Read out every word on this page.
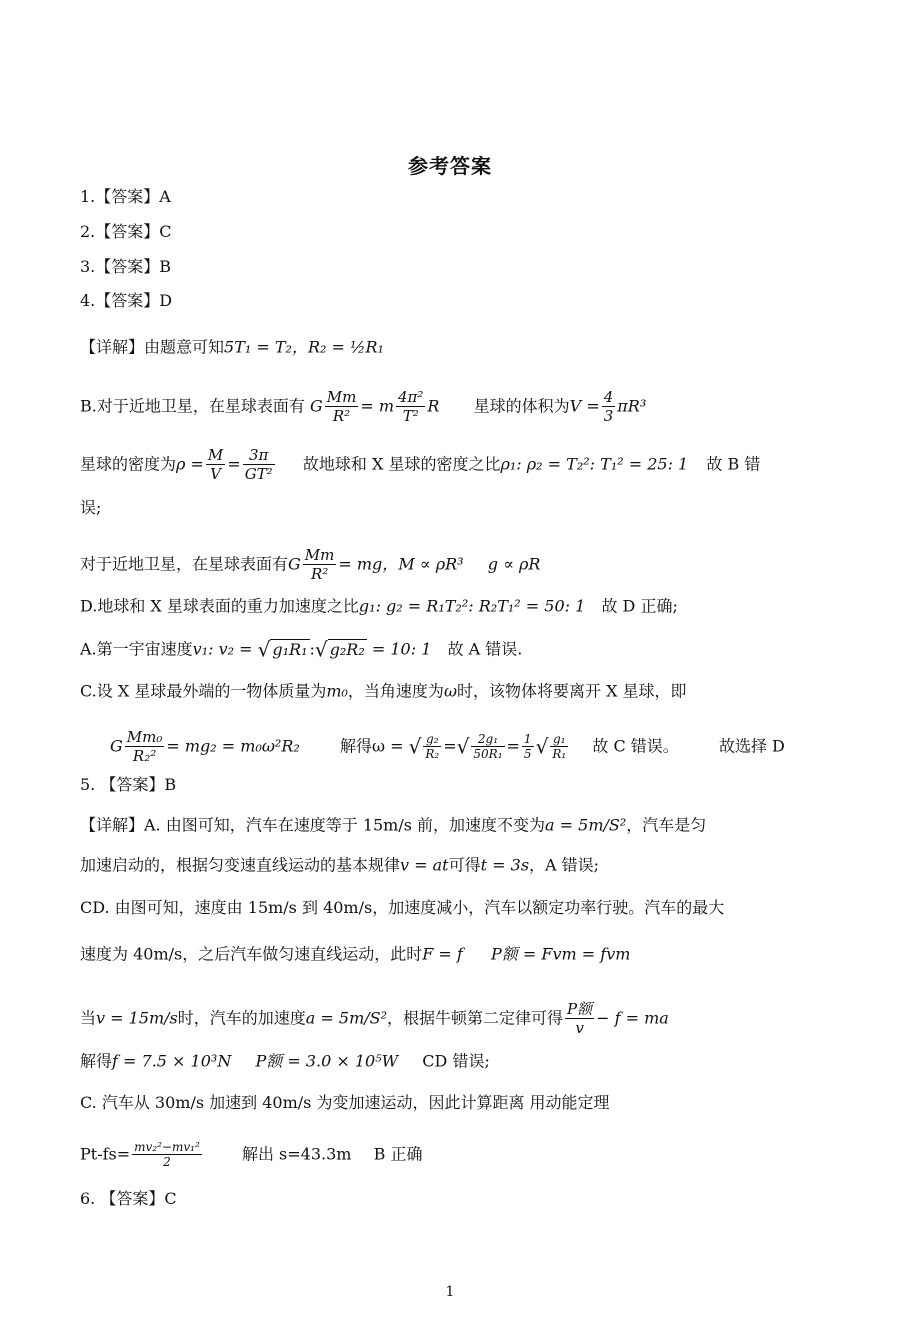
参考答案
1.【答案】A
2.【答案】C
3.【答案】B
4.【答案】D
【详解】由题意可知5T₁ = T₂，R₂ = ½R₁
B.对于近地卫星，在星球表面有 G $\frac{Mm}{\text{R²}} = m \frac{\text{4π²}}{\text{T²}}$ R 星球的体积为$V = \frac{4}{3} \pi R^3$
星球的密度为$\rho = \frac{M}{V} = \frac{3\pi}{\text{GT²}}$ 故地球和 X 星球的密度之比ρ₁: ρ₂ = T₂²: T₁² = 25: 1 故 B 错
误;
对于近地卫星，在星球表面有G $\frac{Mm}{\text{R²}}$ = mg，M ∝ ρR³ g ∝ ρR
D.地球和 X 星球表面的重力加速度之比g₁: g₂ = R₁T₂²: R₂T₁² = 50: 1 故 D 正确;
A.第一宇宙速度v₁: v₂ = √ g₁R₁ :√ g₂R₂ = 10: 1 故 A 错误.
C.设 X 星球最外端的一物体质量为m₀，当角速度为ω时，该物体将要离开 X 星球，即
G $\frac{\text{Mm₀}}{\text{R₂²}} = mg_2 = m_0\omega^2R_2$	解得ω = √ $\frac{\text{g₂}}{\text{R₂}}$ =√ $\frac{\text{2g₁}}{\text{50R₁}} = \frac{1}{5}$ √ $\frac{\text{g₁}}{\text{R₁}}$ 故 C 错误。	故选择 D
5. 【答案】B
【详解】A. 由图可知，汽车在速度等于 15m/s 前，加速度不变为a = 5m/S²，汽车是匀
加速启动的，根据匀变速直线运动的基本规律v = at可得t = 3s，A 错误;
CD. 由图可知，速度由 15m/s 到 40m/s，加速度减小，汽车以额定功率行驶。汽车的最大
速度为 40m/s，之后汽车做匀速直线运动，此时F = f P额 = Fvm = fvm
当v = 15m/s时，汽车的加速度a = 5m/S²，根据牛顿第二定律可得 $\frac{\text{P额}}{v} - f$ = ma
解得f = 7.5 × 10³N P额 = 3.0 × 10⁵W CD 错误;
C. 汽车从 30m/s 加速到 40m/s 为变加速运动，因此计算距离 用动能定理
$Pt-fs= \frac{\text{mv₂²−mv₁²}}{2}$	解出 s=43.3m B 正确
6. 【答案】C
1
